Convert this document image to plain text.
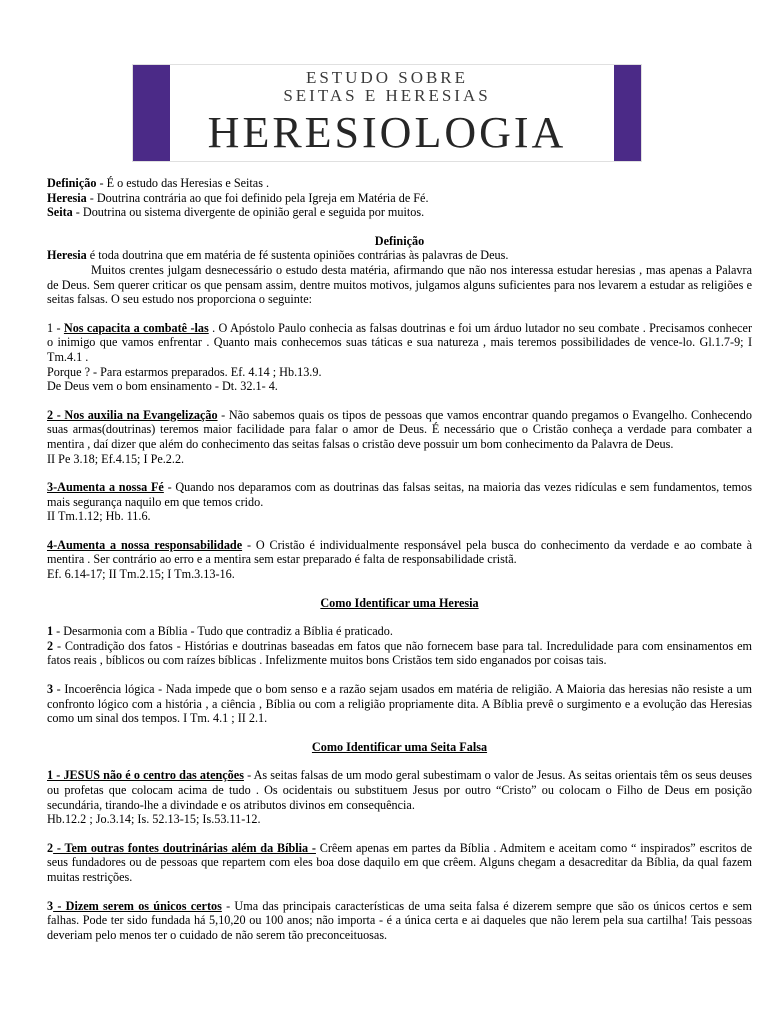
ESTUDO SOBRE
SEITAS E HERESIAS
HERESIOLOGIA

Definição - É o estudo das Heresias e Seitas .

Heresia - Doutrina contrária ao que foi definido pela Igreja em Matéria de Fé.

Seita - Doutrina ou sistema divergente de opinião geral e seguida por muitos.

Definição

Heresia é toda doutrina que em matéria de fé sustenta opiniões contrárias às palavras de Deus.

Muitos crentes julgam desnecessário o estudo desta matéria, afirmando que não nos interessa estudar heresias , mas apenas a Palavra de Deus. Sem querer criticar os que pensam assim, dentre muitos motivos, julgamos alguns suficientes para nos levarem a estudar as religiões e seitas falsas. O seu estudo nos proporciona o seguinte:

1 - Nos capacita a combatê -las . O Apóstolo Paulo conhecia as falsas doutrinas e foi um árduo lutador no seu combate . Precisamos conhecer o inimigo que vamos enfrentar . Quanto mais conhecemos suas táticas e sua natureza , mais teremos possibilidades de vence-lo. Gl.1.7-9; I Tm.4.1 .

Porque ? - Para estarmos preparados. Ef. 4.14 ; Hb.13.9.

De Deus vem o bom ensinamento - Dt. 32.1- 4.

2 - Nos auxilia na Evangelização - Não sabemos quais os tipos de pessoas que vamos encontrar quando pregamos o Evangelho. Conhecendo suas armas(doutrinas) teremos maior facilidade para falar o amor de Deus. É necessário que o Cristão conheça a verdade para combater a mentira , daí dizer que além do conhecimento das seitas falsas o cristão deve possuir um bom conhecimento da Palavra de Deus.

II Pe 3.18; Ef.4.15; I Pe.2.2.

3-Aumenta a nossa Fé - Quando nos deparamos com as doutrinas das falsas seitas, na maioria das vezes ridículas e sem fundamentos, temos mais segurança naquilo em que temos crido.

II Tm.1.12; Hb. 11.6.

4-Aumenta a nossa responsabilidade - O Cristão é individualmente responsável pela busca do conhecimento da verdade e ao combate à mentira . Ser contrário ao erro e a mentira sem estar preparado é falta de responsabilidade cristã.

Ef. 6.14-17; II Tm.2.15; I Tm.3.13-16.

Como Identificar uma Heresia

1 - Desarmonia com a Bíblia - Tudo que contradiz a Bíblia é praticado.

2 - Contradição dos fatos - Histórias e doutrinas baseadas em fatos que não fornecem base para tal. Incredulidade para com ensinamentos em fatos reais , bíblicos ou com raízes bíblicas . Infelizmente muitos bons Cristãos tem sido enganados por coisas tais.

3 - Incoerência lógica - Nada impede que o bom senso e a razão sejam usados em matéria de religião. A Maioria das heresias não resiste a um confronto lógico com a história , a ciência , Bíblia ou com a religião propriamente dita. A Bíblia prevê o surgimento e a evolução das Heresias como um sinal dos tempos. I Tm. 4.1 ; II 2.1.

Como Identificar uma Seita Falsa

1 - JESUS não é o centro das atenções - As seitas falsas de um modo geral subestimam o valor de Jesus. As seitas orientais têm os seus deuses ou profetas que colocam acima de tudo . Os ocidentais ou substituem Jesus por outro “Cristo” ou colocam o Filho de Deus em posição secundária, tirando-lhe a divindade e os atributos divinos em consequência.

Hb.12.2 ; Jo.3.14; Is. 52.13-15; Is.53.11-12.

2 - Tem outras fontes doutrinárias além da Bíblia - Crêem apenas em partes da Bíblia . Admitem e aceitam como “ inspirados” escritos de seus fundadores ou de pessoas que repartem com eles boa dose daquilo em que crêem. Alguns chegam a desacreditar da Bíblia, da qual fazem muitas restrições.

3 - Dizem serem os únicos certos - Uma das principais características de uma seita falsa é dizerem sempre que são os únicos certos e sem falhas. Pode ter sido fundada há 5,10,20 ou 100 anos; não importa - é a única certa e ai daqueles que não lerem pela sua cartilha! Tais pessoas deveriam pelo menos ter o cuidado de não serem tão preconceituosas.
